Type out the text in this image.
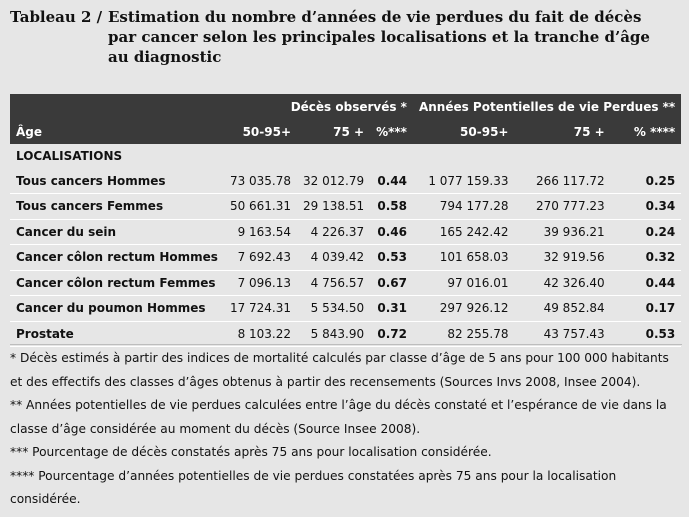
Tableau 2 / Estimation du nombre d’années de vie perdues du fait de décès
par cancer selon les principales localisations et la tranche d’âge
au diagnostic
	Décès observés *			Années Potentielles de vie Perdues **		
Âge	50-95+	75 +	%***	50-95+	75 +	% ****
LOCALISATIONS						
Tous cancers Hommes	73 035.78	32 012.79	0.44	1 077 159.33	266 117.72	0.25
Tous cancers Femmes	50 661.31	29 138.51	0.58	794 177.28	270 777.23	0.34
Cancer du sein	9 163.54	4 226.37	0.46	165 242.42	39 936.21	0.24
Cancer côlon rectum Hommes	7 692.43	4 039.42	0.53	101 658.03	32 919.56	0.32
Cancer côlon rectum Femmes	7 096.13	4 756.57	0.67	97 016.01	42 326.40	0.44
Cancer du poumon Hommes	17 724.31	5 534.50	0.31	297 926.12	49 852.84	0.17
Prostate	8 103.22	5 843.90	0.72	82 255.78	43 757.43	0.53

* Décès estimés à partir des indices de mortalité calculés par classe d’âge de 5 ans pour 100 000 habitants et des effectifs des classes d’âges obtenus à partir des recensements (Sources Invs 2008, Insee 2004).

** Années potentielles de vie perdues calculées entre l’âge du décès constaté et l’espérance de vie dans la classe d’âge considérée au moment du décès (Source Insee 2008).

*** Pourcentage de décès constatés après 75 ans pour localisation considérée.

**** Pourcentage d’années potentielles de vie perdues constatées après 75 ans pour la localisation considérée.
